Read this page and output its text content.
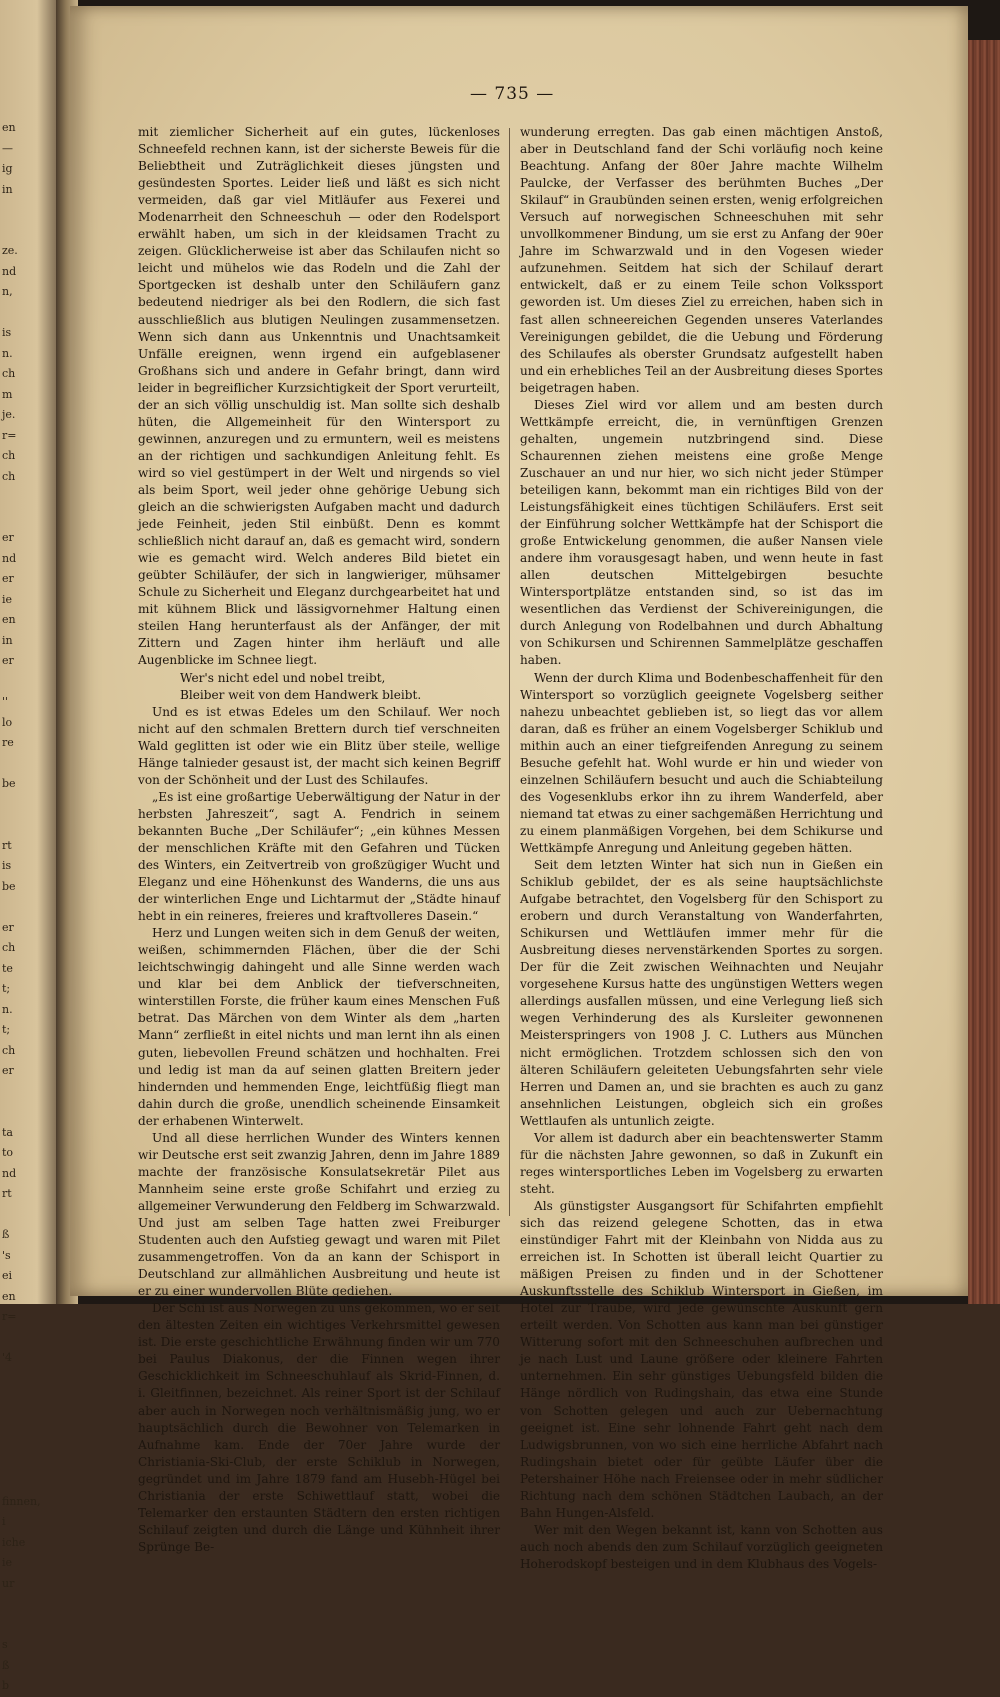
en
—
ig
in
ze.
nd
n,
is
n.
ch
m
je.
r=
ch
ch
er
nd
er
ie
en
in
er
''
lo
re
be
rt
is
be
er
ch
te
t;
n.
t;
ch
er
ta
to
nd
rt
ß
's
ei
en
r=
'4
finnen,
i
iche
ie
ur
s
ß
b
— 735 —

mit ziemlicher Sicherheit auf ein gutes, lückenloses Schneefeld rechnen kann, ist der sicherste Beweis für die Beliebtheit und Zuträglichkeit dieses jüngsten und gesündesten Sportes. Leider ließ und läßt es sich nicht vermeiden, daß gar viel Mitläufer aus Fexerei und Modenarrheit den Schneeschuh — oder den Rodelsport erwählt haben, um sich in der kleidsamen Tracht zu zeigen. Glücklicherweise ist aber das Schilaufen nicht so leicht und mühelos wie das Rodeln und die Zahl der Sportgecken ist deshalb unter den Schiläufern ganz bedeutend niedriger als bei den Rodlern, die sich fast ausschließlich aus blutigen Neulingen zusammensetzen. Wenn sich dann aus Unkenntnis und Unachtsamkeit Unfälle ereignen, wenn irgend ein aufgeblasener Großhans sich und andere in Gefahr bringt, dann wird leider in begreiflicher Kurzsichtigkeit der Sport verurteilt, der an sich völlig unschuldig ist. Man sollte sich deshalb hüten, die Allgemeinheit für den Wintersport zu gewinnen, anzuregen und zu ermuntern, weil es meistens an der richtigen und sachkundigen Anleitung fehlt. Es wird so viel gestümpert in der Welt und nirgends so viel als beim Sport, weil jeder ohne gehörige Uebung sich gleich an die schwierigsten Aufgaben macht und dadurch jede Feinheit, jeden Stil einbüßt. Denn es kommt schließlich nicht darauf an, daß es gemacht wird, sondern wie es gemacht wird. Welch anderes Bild bietet ein geübter Schiläufer, der sich in langwieriger, mühsamer Schule zu Sicherheit und Eleganz durchgearbeitet hat und mit kühnem Blick und lässigvornehmer Haltung einen steilen Hang herunterfaust als der Anfänger, der mit Zittern und Zagen hinter ihm herläuft und alle Augenblicke im Schnee liegt.

Wer's nicht edel und nobel treibt,

Bleiber weit von dem Handwerk bleibt.

Und es ist etwas Edeles um den Schilauf. Wer noch nicht auf den schmalen Brettern durch tief verschneiten Wald geglitten ist oder wie ein Blitz über steile, wellige Hänge talnieder gesaust ist, der macht sich keinen Begriff von der Schönheit und der Lust des Schilaufes.

„Es ist eine großartige Ueberwältigung der Natur in der herbsten Jahreszeit“, sagt A. Fendrich in seinem bekannten Buche „Der Schiläufer“; „ein kühnes Messen der menschlichen Kräfte mit den Gefahren und Tücken des Winters, ein Zeitvertreib von großzügiger Wucht und Eleganz und eine Höhenkunst des Wanderns, die uns aus der winterlichen Enge und Lichtarmut der „Städte hinauf hebt in ein reineres, freieres und kraftvolleres Dasein.“

Herz und Lungen weiten sich in dem Genuß der weiten, weißen, schimmernden Flächen, über die der Schi leichtschwingig dahingeht und alle Sinne werden wach und klar bei dem Anblick der tiefverschneiten, winterstillen Forste, die früher kaum eines Menschen Fuß betrat. Das Märchen von dem Winter als dem „harten Mann“ zerfließt in eitel nichts und man lernt ihn als einen guten, liebevollen Freund schätzen und hochhalten. Frei und ledig ist man da auf seinen glatten Breitern jeder hindernden und hemmenden Enge, leichtfüßig fliegt man dahin durch die große, unendlich scheinende Einsamkeit der erhabenen Winterwelt.

Und all diese herrlichen Wunder des Winters kennen wir Deutsche erst seit zwanzig Jahren, denn im Jahre 1889 machte der französische Konsulatsekretär Pilet aus Mannheim seine erste große Schifahrt und erzieg zu allgemeiner Verwunderung den Feldberg im Schwarzwald. Und just am selben Tage hatten zwei Freiburger Studenten auch den Aufstieg gewagt und waren mit Pilet zusammengetroffen. Von da an kann der Schisport in Deutschland zur allmählichen Ausbreitung und heute ist er zu einer wundervollen Blüte gediehen.

Der Schi ist aus Norwegen zu uns gekommen, wo er seit den ältesten Zeiten ein wichtiges Verkehrsmittel gewesen ist. Die erste geschichtliche Erwähnung finden wir um 770 bei Paulus Diakonus, der die Finnen wegen ihrer Geschicklichkeit im Schneeschuhlauf als Skrid-Finnen, d. i. Gleitfinnen, bezeichnet. Als reiner Sport ist der Schilauf aber auch in Norwegen noch verhältnismäßig jung, wo er hauptsächlich durch die Bewohner von Telemarken in Aufnahme kam. Ende der 70er Jahre wurde der Christiania-Ski-Club, der erste Schiklub in Norwegen, gegründet und im Jahre 1879 fand am Husebh-Hügel bei Christiania der erste Schiwettlauf statt, wobei die Telemarker den erstaunten Städtern den ersten richtigen Schilauf zeigten und durch die Länge und Kühnheit ihrer Sprünge Be-

wunderung erregten. Das gab einen mächtigen Anstoß, aber in Deutschland fand der Schi vorläufig noch keine Beachtung. Anfang der 80er Jahre machte Wilhelm Paulcke, der Verfasser des berühmten Buches „Der Skilauf“ in Graubünden seinen ersten, wenig erfolgreichen Versuch auf norwegischen Schneeschuhen mit sehr unvollkommener Bindung, um sie erst zu Anfang der 90er Jahre im Schwarzwald und in den Vogesen wieder aufzunehmen. Seitdem hat sich der Schilauf derart entwickelt, daß er zu einem Teile schon Volkssport geworden ist. Um dieses Ziel zu erreichen, haben sich in fast allen schneereichen Gegenden unseres Vaterlandes Vereinigungen gebildet, die die Uebung und Förderung des Schilaufes als oberster Grundsatz aufgestellt haben und ein erhebliches Teil an der Ausbreitung dieses Sportes beigetragen haben.

Dieses Ziel wird vor allem und am besten durch Wettkämpfe erreicht, die, in vernünftigen Grenzen gehalten, ungemein nutzbringend sind. Diese Schaurennen ziehen meistens eine große Menge Zuschauer an und nur hier, wo sich nicht jeder Stümper beteiligen kann, bekommt man ein richtiges Bild von der Leistungsfähigkeit eines tüchtigen Schiläufers. Erst seit der Einführung solcher Wettkämpfe hat der Schisport die große Entwickelung genommen, die außer Nansen viele andere ihm vorausgesagt haben, und wenn heute in fast allen deutschen Mittelgebirgen besuchte Wintersportplätze entstanden sind, so ist das im wesentlichen das Verdienst der Schivereinigungen, die durch Anlegung von Rodelbahnen und durch Abhaltung von Schikursen und Schirennen Sammelplätze geschaffen haben.

Wenn der durch Klima und Bodenbeschaffenheit für den Wintersport so vorzüglich geeignete Vogelsberg seither nahezu unbeachtet geblieben ist, so liegt das vor allem daran, daß es früher an einem Vogelsberger Schiklub und mithin auch an einer tiefgreifenden Anregung zu seinem Besuche gefehlt hat. Wohl wurde er hin und wieder von einzelnen Schiläufern besucht und auch die Schiabteilung des Vogesenklubs erkor ihn zu ihrem Wanderfeld, aber niemand tat etwas zu einer sachgemäßen Herrichtung und zu einem planmäßigen Vorgehen, bei dem Schikurse und Wettkämpfe Anregung und Anleitung gegeben hätten.

Seit dem letzten Winter hat sich nun in Gießen ein Schiklub gebildet, der es als seine hauptsächlichste Aufgabe betrachtet, den Vogelsberg für den Schisport zu erobern und durch Veranstaltung von Wanderfahrten, Schikursen und Wettläufen immer mehr für die Ausbreitung dieses nervenstärkenden Sportes zu sorgen. Der für die Zeit zwischen Weihnachten und Neujahr vorgesehene Kursus hatte des ungünstigen Wetters wegen allerdings ausfallen müssen, und eine Verlegung ließ sich wegen Verhinderung des als Kursleiter gewonnenen Meisterspringers von 1908 J. C. Luthers aus München nicht ermöglichen. Trotzdem schlossen sich den von älteren Schiläufern geleiteten Uebungsfahrten sehr viele Herren und Damen an, und sie brachten es auch zu ganz ansehnlichen Leistungen, obgleich sich ein großes Wettlaufen als untunlich zeigte.

Vor allem ist dadurch aber ein beachtenswerter Stamm für die nächsten Jahre gewonnen, so daß in Zukunft ein reges wintersportliches Leben im Vogelsberg zu erwarten steht.

Als günstigster Ausgangsort für Schifahrten empfiehlt sich das reizend gelegene Schotten, das in etwa einstündiger Fahrt mit der Kleinbahn von Nidda aus zu erreichen ist. In Schotten ist überall leicht Quartier zu mäßigen Preisen zu finden und in der Schottener Auskunftsstelle des Schiklub Wintersport in Gießen, im Hotel zur Traube, wird jede gewünschte Auskunft gern erteilt werden. Von Schotten aus kann man bei günstiger Witterung sofort mit den Schneeschuhen aufbrechen und je nach Lust und Laune größere oder kleinere Fahrten unternehmen. Ein sehr günstiges Uebungsfeld bilden die Hänge nördlich von Rudingshain, das etwa eine Stunde von Schotten gelegen und auch zur Uebernachtung geeignet ist. Eine sehr lohnende Fahrt geht nach dem Ludwigsbrunnen, von wo sich eine herrliche Abfahrt nach Rudingshain bietet oder für geübte Läufer über die Petershainer Höhe nach Freiensee oder in mehr südlicher Richtung nach dem schönen Städtchen Laubach, an der Bahn Hungen-Alsfeld.

Wer mit den Wegen bekannt ist, kann von Schotten aus auch noch abends den zum Schilauf vorzüglich geeigneten Hoherodskopf besteigen und in dem Klubhaus des Vogels-
